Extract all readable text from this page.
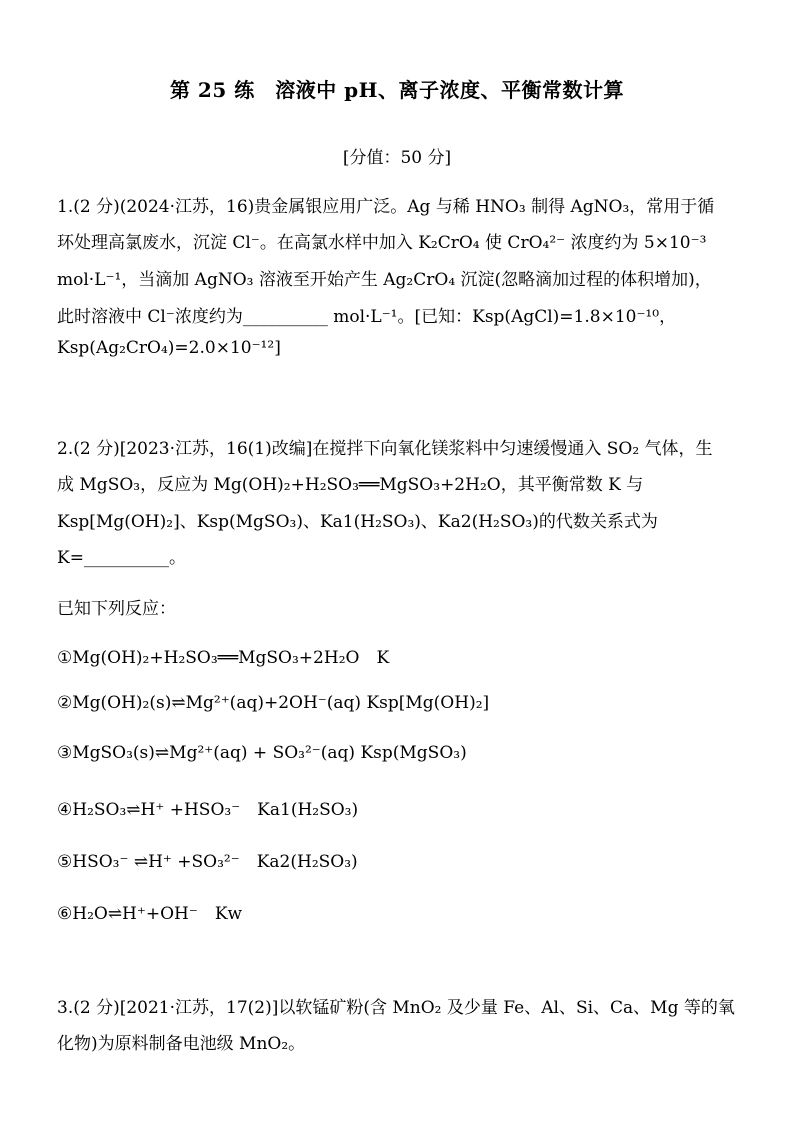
第 25 练　溶液中 pH、离子浓度、平衡常数计算
[分值：50 分]
1.(2 分)(2024·江苏，16)贵金属银应用广泛。Ag 与稀 HNO₃ 制得 AgNO₃，常用于循
环处理高氯废水，沉淀 Cl⁻。在高氯水样中加入 K₂CrO₄ 使 CrO₄²⁻ 浓度约为 5×10⁻³
mol·L⁻¹，当滴加 AgNO₃ 溶液至开始产生 Ag₂CrO₄ 沉淀(忽略滴加过程的体积增加)，
此时溶液中 Cl⁻浓度约为__________ mol·L⁻¹。[已知：Ksp(AgCl)=1.8×10⁻¹⁰，
Ksp(Ag₂CrO₄)=2.0×10⁻¹²]
2.(2 分)[2023·江苏，16(1)改编]在搅拌下向氧化镁浆料中匀速缓慢通入 SO₂ 气体，生
成 MgSO₃，反应为 Mg(OH)₂+H₂SO₃══MgSO₃+2H₂O，其平衡常数 K 与
Ksp[Mg(OH)₂]、Ksp(MgSO₃)、Ka1(H₂SO₃)、Ka2(H₂SO₃)的代数关系式为
K=__________。
已知下列反应：
①Mg(OH)₂+H₂SO₃══MgSO₃+2H₂O　K
②Mg(OH)₂(s)⇌Mg²⁺(aq)+2OH⁻(aq) Ksp[Mg(OH)₂]
③MgSO₃(s)⇌Mg²⁺(aq) + SO₃²⁻(aq) Ksp(MgSO₃)
④H₂SO₃⇌H⁺ +HSO₃⁻　Ka1(H₂SO₃)
⑤HSO₃⁻ ⇌H⁺ +SO₃²⁻　Ka2(H₂SO₃)
⑥H₂O⇌H⁺+OH⁻　Kw
3.(2 分)[2021·江苏，17(2)]以软锰矿粉(含 MnO₂ 及少量 Fe、Al、Si、Ca、Mg 等的氧
化物)为原料制备电池级 MnO₂。
